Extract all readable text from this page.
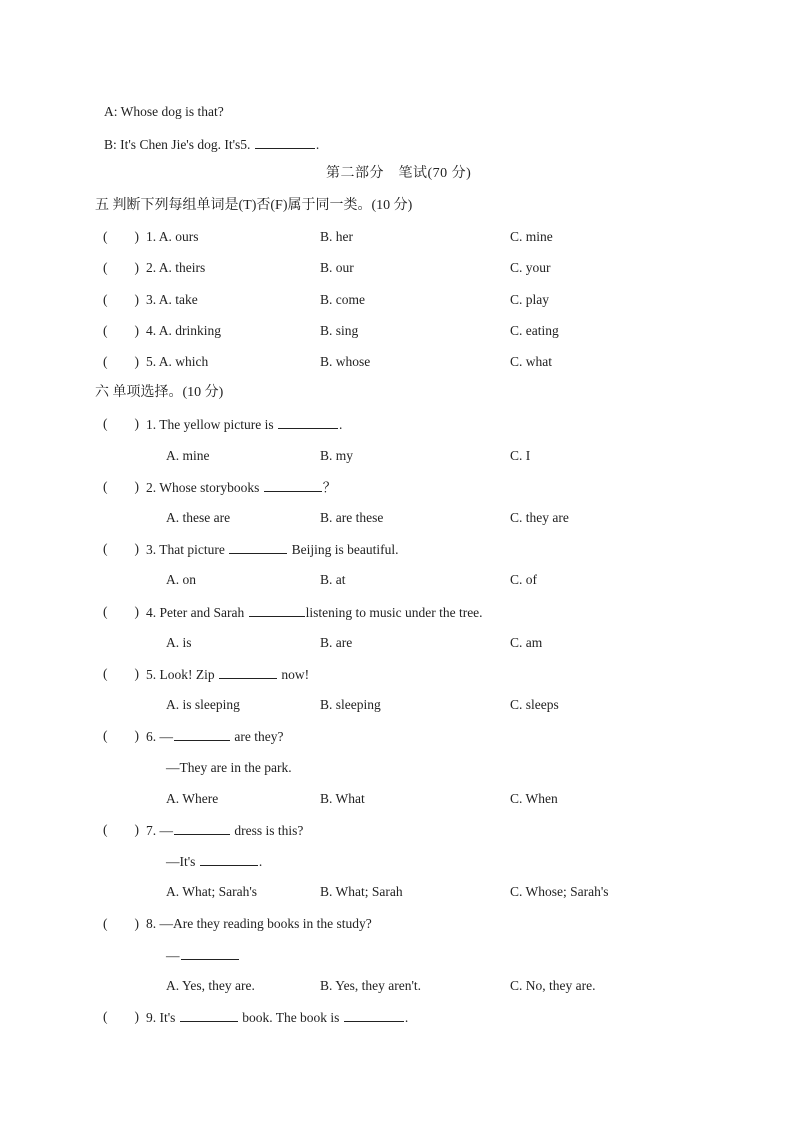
A: Whose dog is that?
B: It's Chen Jie's dog. It's5.	.
第二部分　笔试(70 分)
五 判断下列每组单词是(T)否(F)属于同一类。(10 分)
(　　) 1. A. ours	B. her	C. mine
(　　) 2. A. theirs	B. our	C. your
(　　) 3. A. take	B. come	C. play
(　　) 4. A. drinking	B. sing	C. eating
(　　) 5. A. which	B. whose	C. what
六 单项选择。(10 分)
(　　) 1. The yellow picture is	.
A. mine	B. my	C. I
(　　) 2. Whose storybooks	？
A. these are	B. are these	C. they are
(　　) 3. That picture	Beijing is beautiful.
A. on	B. at	C. of
(　　) 4. Peter and Sarah	listening to music under the tree.
A. is	B. are	C. am
(　　) 5. Look! Zip	now!
A. is sleeping	B. sleeping	C. sleeps
(　　) 6. —	are they?
—They are in the park.
A. Where	B. What	C. When
(　　) 7. —	dress is this?
—It's	.
A. What; Sarah's	B. What; Sarah	C. Whose; Sarah's
(　　) 8. —Are they reading books in the study?
—
A. Yes, they are.	B. Yes, they aren't.	C. No, they are.
(　　) 9. It's	book. The book is	.
